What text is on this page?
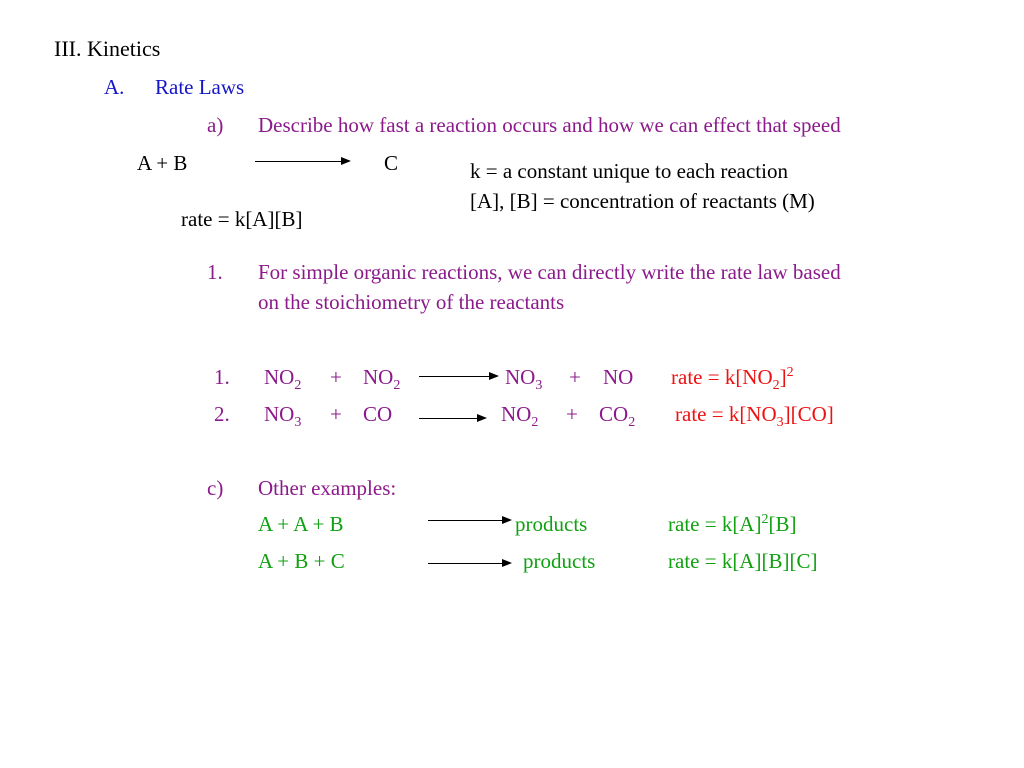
III. Kinetics
A. Rate Laws
a) Describe how fast a reaction occurs and how we can effect that speed
A + B	C	k = a constant unique to each reaction
[A], [B] = concentration of reactants (M)
rate = k[A][B]
1. For simple organic reactions, we can directly write the rate law based
on the stoichiometry of the reactants
1. $NO_2 + NO_2$	$NO_3$ + NO rate = $k[NO_2]^2$
2. $NO_3$ + CO	$NO_2 + CO_2$ rate = $k[NO_3][CO]$
c) Other examples:
A + A + B	products	rate = $k[A]^2[B]$
A + B + C	products	rate = k[A][B][C]
